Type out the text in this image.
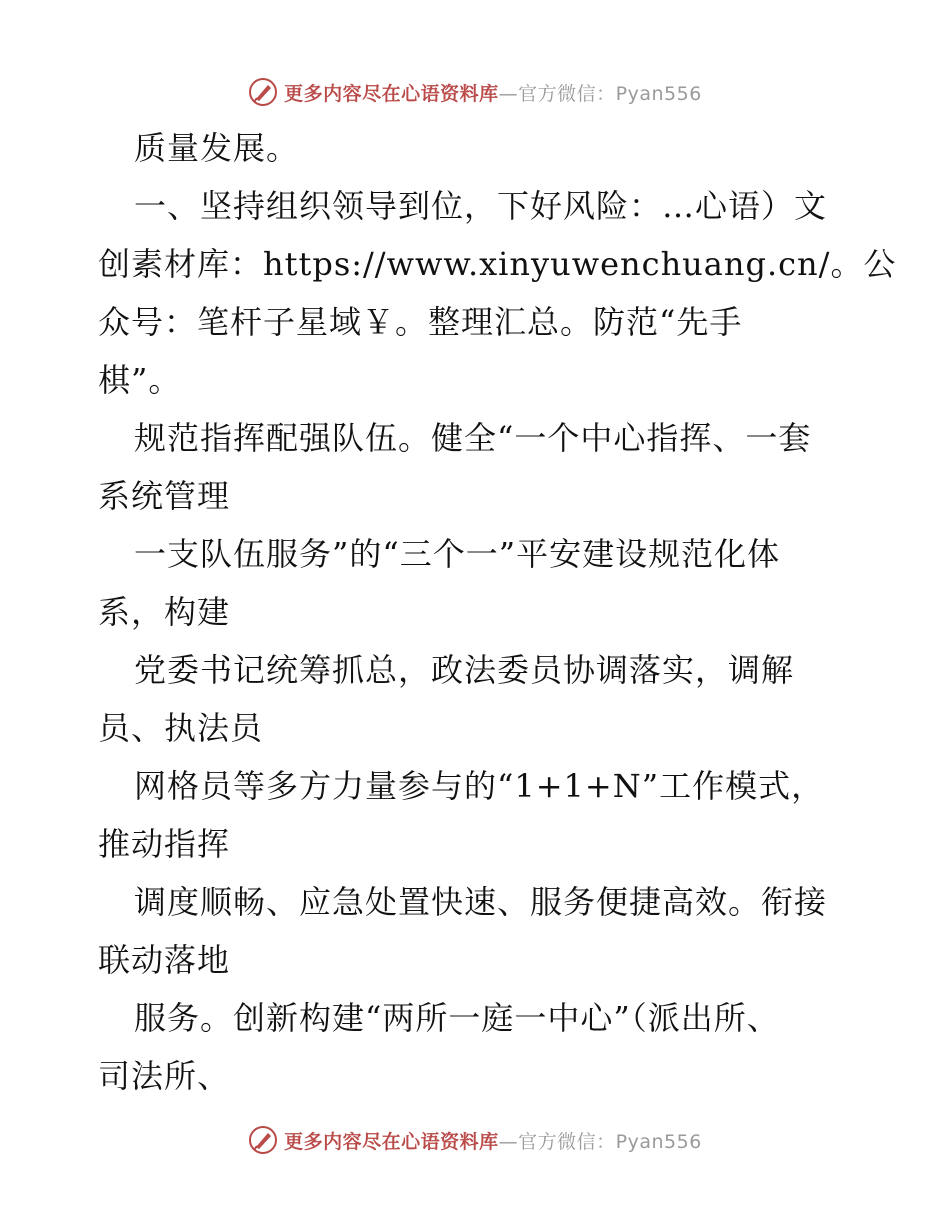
更多内容尽在心语资料库—官方微信：Pyan556
质量发展。
一、坚持组织领导到位，下好风险：…心语）文
创素材库：https://www.xinyuwenchuang.cn/。公
众号：笔杆子星域￥。整理汇总。防范“先手
棋”。
规范指挥配强队伍。健全“一个中心指挥、一套
系统管理
一支队伍服务”的“三个一”平安建设规范化体
系，构建
党委书记统筹抓总，政法委员协调落实，调解
员、执法员
网格员等多方力量参与的“1+1+N”工作模式，
推动指挥
调度顺畅、应急处置快速、服务便捷高效。衔接
联动落地
服务。创新构建“两所一庭一中心”（派出所、
司法所、
更多内容尽在心语资料库—官方微信：Pyan556
